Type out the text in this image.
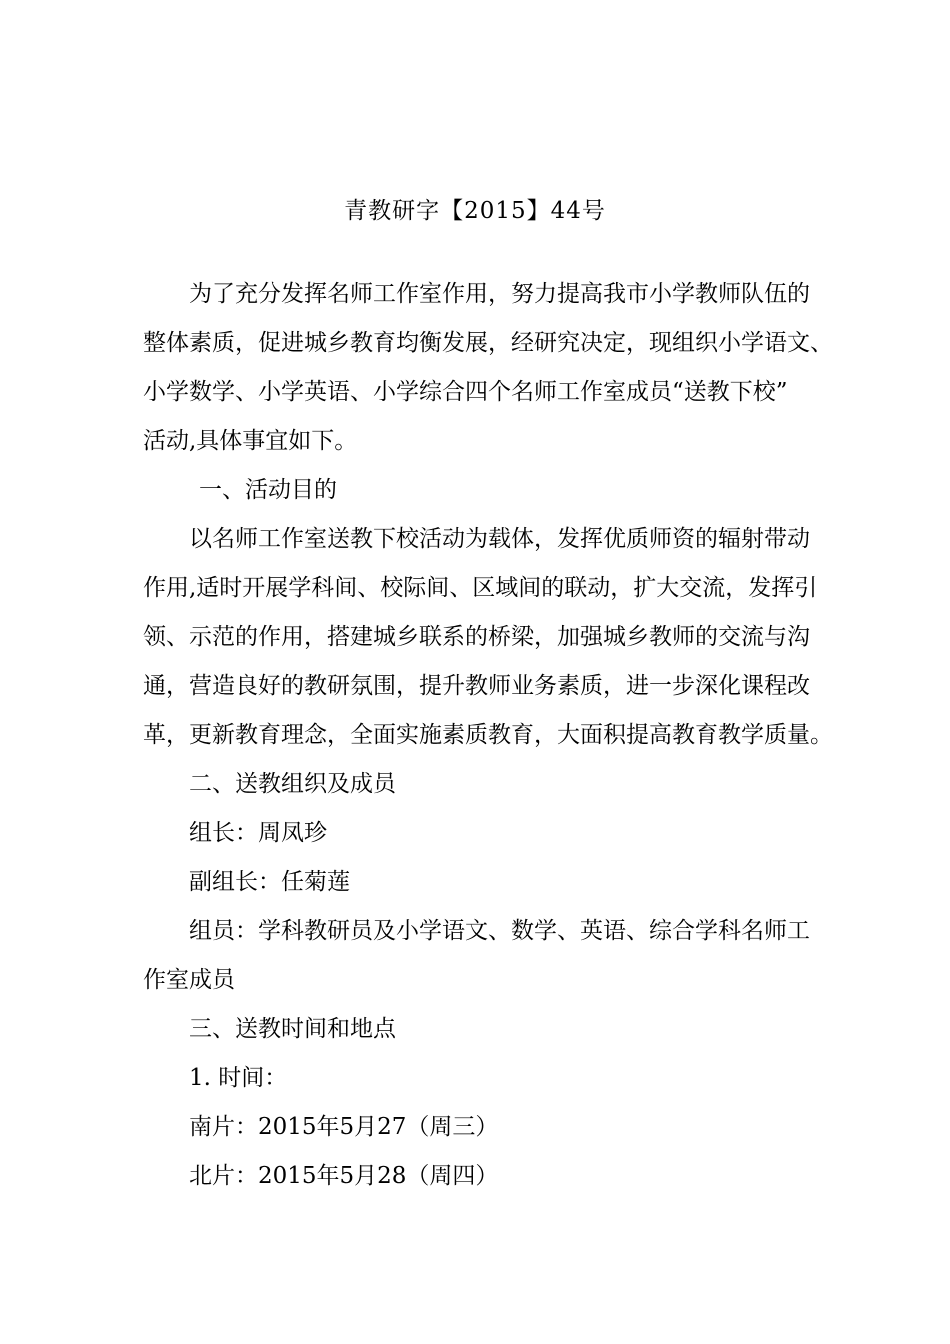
青教研字【2015】44号
为了充分发挥名师工作室作用，努力提高我市小学教师队伍的
整体素质，促进城乡教育均衡发展，经研究决定，现组织小学语文、
小学数学、小学英语、小学综合四个名师工作室成员“送教下校”
活动,具体事宜如下。
一、活动目的
以名师工作室送教下校活动为载体，发挥优质师资的辐射带动
作用,适时开展学科间、校际间、区域间的联动，扩大交流，发挥引
领、示范的作用，搭建城乡联系的桥梁，加强城乡教师的交流与沟
通，营造良好的教研氛围，提升教师业务素质，进一步深化课程改
革，更新教育理念，全面实施素质教育，大面积提高教育教学质量。
二、送教组织及成员
组长：周凤珍
副组长：任菊莲
组员：学科教研员及小学语文、数学、英语、综合学科名师工
作室成员
三、送教时间和地点
1. 时间：
南片：2015年5月27（周三）
北片：2015年5月28（周四）
